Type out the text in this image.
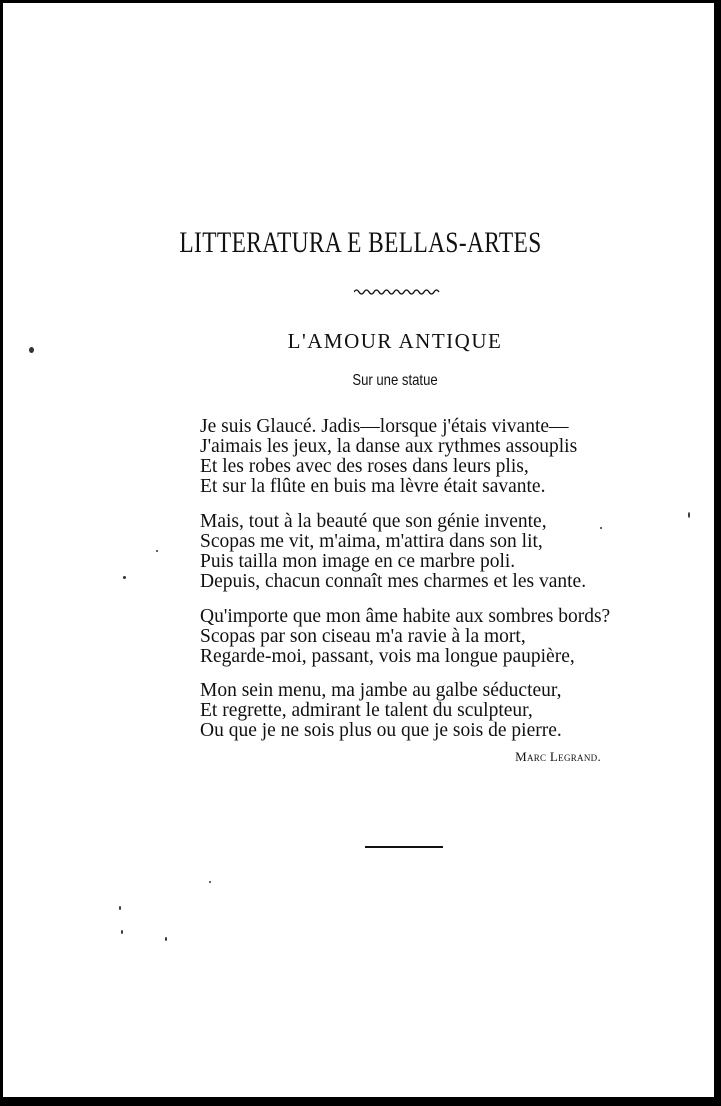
LITTERATURA E BELLAS-ARTES
L'AMOUR ANTIQUE
Sur une statue
Je suis Glaucé. Jadis—lorsque j'étais vivante—
J'aimais les jeux, la danse aux rythmes assouplis
Et les robes avec des roses dans leurs plis,
Et sur la flûte en buis ma lèvre était savante.
Mais, tout à la beauté que son génie invente,
Scopas me vit, m'aima, m'attira dans son lit,
Puis tailla mon image en ce marbre poli.
Depuis, chacun connaît mes charmes et les vante.
Qu'importe que mon âme habite aux sombres bords?
Scopas par son ciseau m'a ravie à la mort,
Regarde-moi, passant, vois ma longue paupière,
Mon sein menu, ma jambe au galbe séducteur,
Et regrette, admirant le talent du sculpteur,
Ou que je ne sois plus ou que je sois de pierre.
Marc Legrand.
